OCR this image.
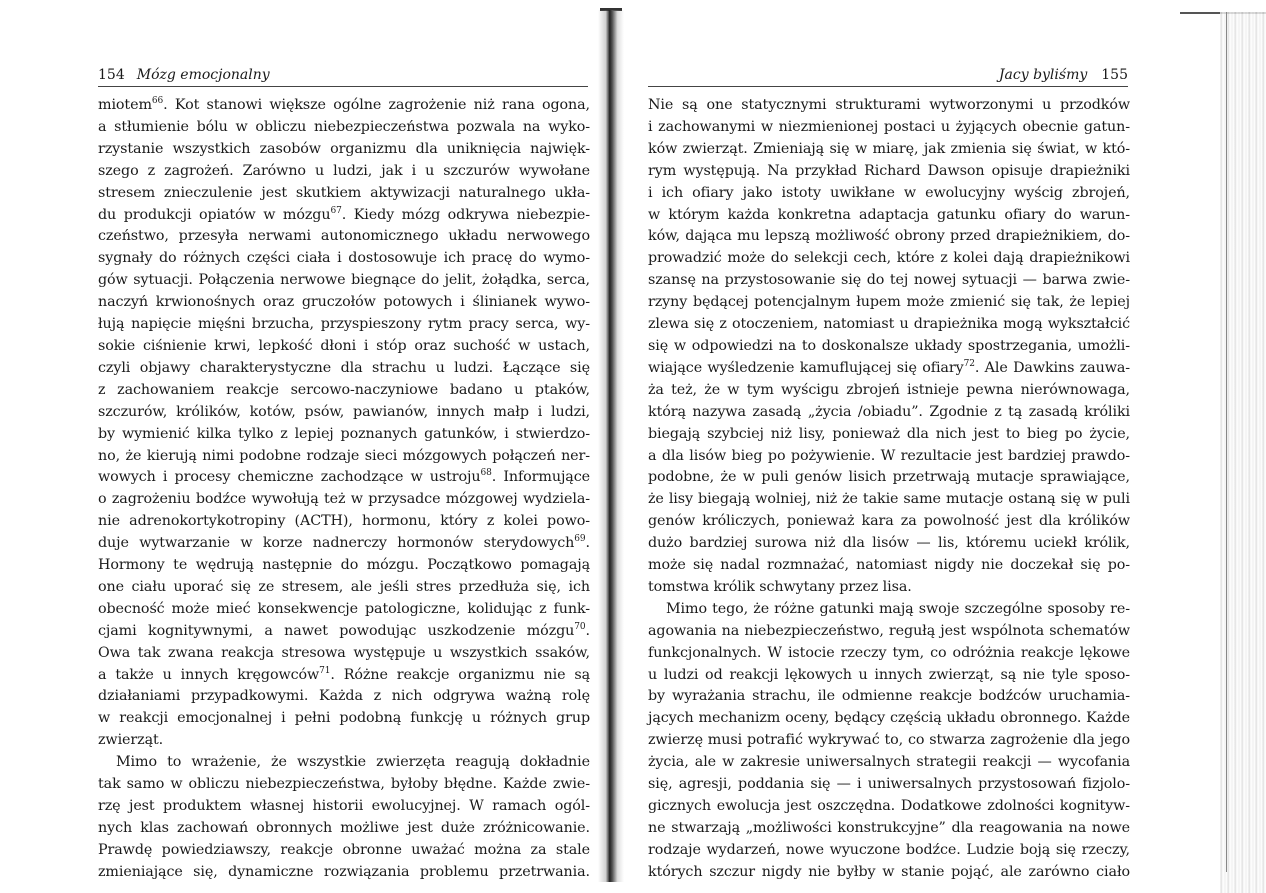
154 Mózg emocjonalny
miotem$^{66}$. Kot stanowi większe ogólne zagrożenie niż rana ogona,
a stłumienie bólu w obliczu niebezpieczeństwa pozwala na wyko-
rzystanie wszystkich zasobów organizmu dla uniknięcia najwięk-
szego z zagrożeń. Zarówno u ludzi, jak i u szczurów wywołane
stresem znieczulenie jest skutkiem aktywizacji naturalnego ukła-
du produkcji opiatów w mózgu$^{67}$. Kiedy mózg odkrywa niebezpie-
czeństwo, przesyła nerwami autonomicznego układu nerwowego
sygnały do różnych części ciała i dostosowuje ich pracę do wymo-
gów sytuacji. Połączenia nerwowe biegnące do jelit, żołądka, serca,
naczyń krwionośnych oraz gruczołów potowych i ślinianek wywo-
łują napięcie mięśni brzucha, przyspieszony rytm pracy serca, wy-
sokie ciśnienie krwi, lepkość dłoni i stóp oraz suchość w ustach,
czyli objawy charakterystyczne dla strachu u ludzi. Łączące się
z zachowaniem reakcje sercowo-naczyniowe badano u ptaków,
szczurów, królików, kotów, psów, pawianów, innych małp i ludzi,
by wymienić kilka tylko z lepiej poznanych gatunków, i stwierdzo-
no, że kierują nimi podobne rodzaje sieci mózgowych połączeń ner-
wowych i procesy chemiczne zachodzące w ustroju$^{68}$. Informujące
o zagrożeniu bodźce wywołują też w przysadce mózgowej wydziela-
nie adrenokortykotropiny (ACTH), hormonu, który z kolei powo-
duje wytwarzanie w korze nadnerczy hormonów sterydowych$^{69}$.
Hormony te wędrują następnie do mózgu. Początkowo pomagają
one ciału uporać się ze stresem, ale jeśli stres przedłuża się, ich
obecność może mieć konsekwencje patologiczne, kolidując z funk-
cjami kognitywnymi, a nawet powodując uszkodzenie mózgu$^{70}$.
Owa tak zwana reakcja stresowa występuje u wszystkich ssaków,
a także u innych kręgowców$^{71}$. Różne reakcje organizmu nie są
działaniami przypadkowymi. Każda z nich odgrywa ważną rolę
w reakcji emocjonalnej i pełni podobną funkcję u różnych grup
zwierząt.
Mimo to wrażenie, że wszystkie zwierzęta reagują dokładnie
tak samo w obliczu niebezpieczeństwa, byłoby błędne. Każde zwie-
rzę jest produktem własnej historii ewolucyjnej. W ramach ogól-
nych klas zachowań obronnych możliwe jest duże zróżnicowanie.
Prawdę powiedziawszy, reakcje obronne uważać można za stale
zmieniające się, dynamiczne rozwiązania problemu przetrwania.
Jacy byliśmy 155
Nie są one statycznymi strukturami wytworzonymi u przodków
i zachowanymi w niezmienionej postaci u żyjących obecnie gatun-
ków zwierząt. Zmieniają się w miarę, jak zmienia się świat, w któ-
rym występują. Na przykład Richard Dawson opisuje drapieżniki
i ich ofiary jako istoty uwikłane w ewolucyjny wyścig zbrojeń,
w którym każda konkretna adaptacja gatunku ofiary do warun-
ków, dająca mu lepszą możliwość obrony przed drapieżnikiem, do-
prowadzić może do selekcji cech, które z kolei dają drapieżnikowi
szansę na przystosowanie się do tej nowej sytuacji — barwa zwie-
rzyny będącej potencjalnym łupem może zmienić się tak, że lepiej
zlewa się z otoczeniem, natomiast u drapieżnika mogą wykształcić
się w odpowiedzi na to doskonalsze układy spostrzegania, umożli-
wiające wyśledzenie kamuflującej się ofiary$^{72}$. Ale Dawkins zauwa-
ża też, że w tym wyścigu zbrojeń istnieje pewna nierównowaga,
którą nazywa zasadą „życia /obiadu”. Zgodnie z tą zasadą króliki
biegają szybciej niż lisy, ponieważ dla nich jest to bieg po życie,
a dla lisów bieg po pożywienie. W rezultacie jest bardziej prawdo-
podobne, że w puli genów lisich przetrwają mutacje sprawiające,
że lisy biegają wolniej, niż że takie same mutacje ostaną się w puli
genów króliczych, ponieważ kara za powolność jest dla królików
dużo bardziej surowa niż dla lisów — lis, któremu uciekł królik,
może się nadal rozmnażać, natomiast nigdy nie doczekał się po-
tomstwa królik schwytany przez lisa.
Mimo tego, że różne gatunki mają swoje szczególne sposoby re-
agowania na niebezpieczeństwo, regułą jest wspólnota schematów
funkcjonalnych. W istocie rzeczy tym, co odróżnia reakcje lękowe
u ludzi od reakcji lękowych u innych zwierząt, są nie tyle sposo-
by wyrażania strachu, ile odmienne reakcje bodźców uruchamia-
jących mechanizm oceny, będący częścią układu obronnego. Każde
zwierzę musi potrafić wykrywać to, co stwarza zagrożenie dla jego
życia, ale w zakresie uniwersalnych strategii reakcji — wycofania
się, agresji, poddania się — i uniwersalnych przystosowań fizjolo-
gicznych ewolucja jest oszczędna. Dodatkowe zdolności kognityw-
ne stwarzają „możliwości konstrukcyjne” dla reagowania na nowe
rodzaje wydarzeń, nowe wyuczone bodźce. Ludzie boją się rzeczy,
których szczur nigdy nie byłby w stanie pojąć, ale zarówno ciało
